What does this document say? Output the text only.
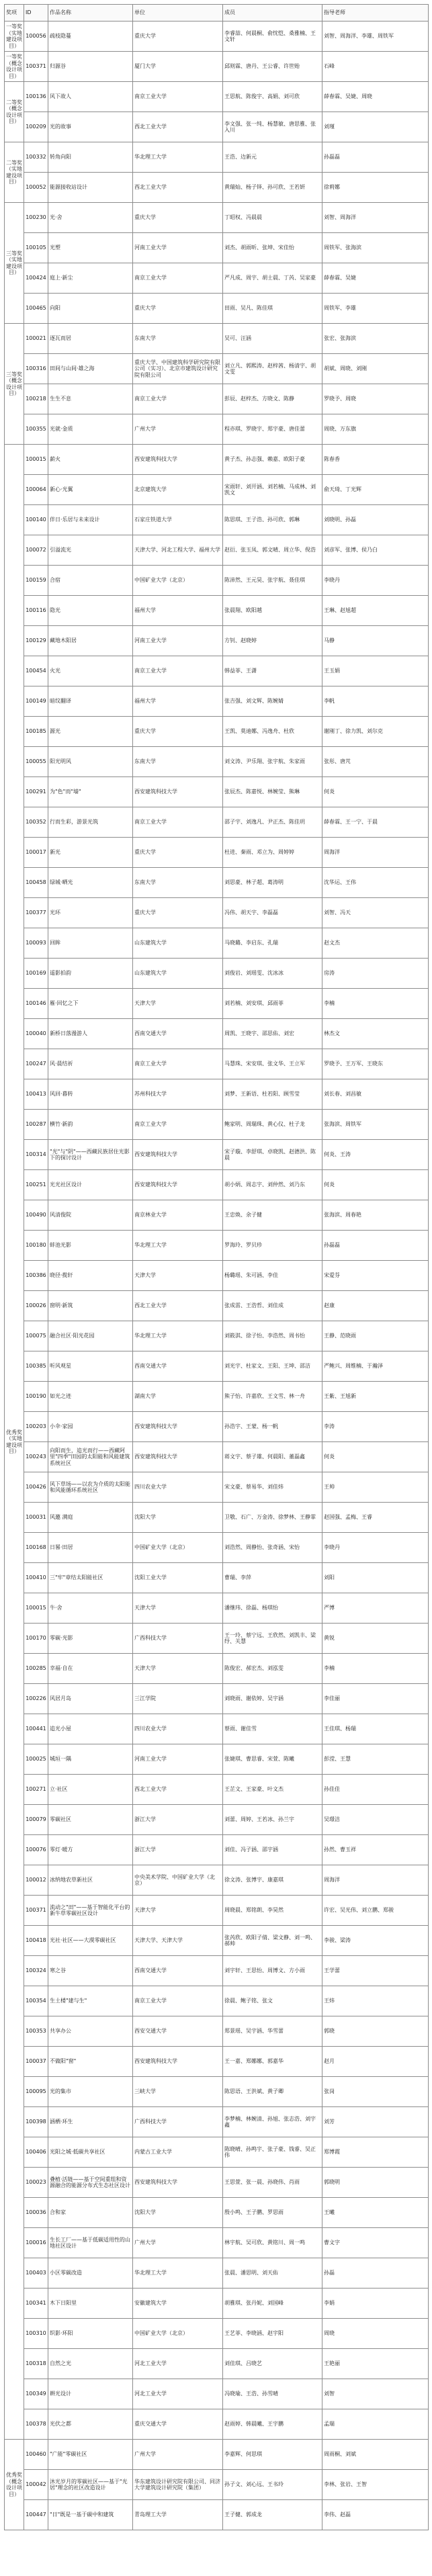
奖项	ID	作品名称	单位	成员	指导老师
一等奖（实地建设项目）	100056	疏枝隐蔓	重庆大学	李睿喆、何晨桐、俞忱恺、桑雅楠、王文轩	刘智、周海洋、李雄、周铁军
一等奖（概念设计项目）	100371	归源谷	厦门大学	邱则霖、唐丹、王公睿、许世贻	石峰
二等奖（概念设计项目）	100136	风下故人	南京工业大学	王思航、陈俊宇、高娟、刘可欣	薛春霖、吴婕、周晓
	100209	光的故事	西北工业大学	李文强、张一纯、杨慧敏、唐思雅、张入川	刘瑾
二等奖（实地建设项目）	100332	转角向阳	华北理工大学	王浩、边新元	孙磊磊
	100052	能源接收站设计	西北工业大学	黄瑞灿、杨子铎、孙可欣、王若妍	徐莉娜
三等奖（实地建设项目）	100230	光·舍	重庆大学	丁昭权、冯晨晨	刘智、周海洋
	100105	光塑	河南工业大学	刘杰、胡雨昕、张坤、宋佳怡	周铁军、张海滨
	100424	庭上·新尘	南京工业大学	严凡成、周宇、胡士晨、丁芮、吴家豪	薛春霖、吴婕
	100465	向阳	重庆大学	田雨、吴凡、陈佳琪	周铁军、李雄
三等奖（概念设计项目）	100021	逐瓦而居	东南大学	吴可、汪涵	张宏、张海滨
	100316	田间与山间·雄之海	重庆大学、中国建筑科学研究院有限公司（实习）、北京市建筑设计研究院有限公司	刘立凡、郭熙涛、赵梓茜、杨清宇、胡文雯	胡斌、周晓、刘刚
	100218	生生不息	南京工业大学	彭辰、赵梓杰、方晓文、陈静	罗晓予、周晓
	100355	光就·金质	广州大学	程亦琪、罗晓宇、郑宇豪、唐佳蕾	周晓、万东旗
优秀奖（实地建设项目）	100015	薪火	西安建筑科技大学	黄子杰、孙志强、赖嘉、欧阳子豪	陈春香
	100064	新心·光翼	北京建筑大学	宋雨轩、刘开涵、刘若楠、马成林、刘凯文	俞天琦、丁光辉
	100140	伴日·乐居与未来设计	石家庄铁道大学	陈思琪、王子浩、孙可欣、郭琳	刘晓明、孙磊
	100072	引溢流光	天津大学、河北工程大学、福州大学	赵衍、张玉凤、郭文晴、周立华、倪浩	刘彦军、张博、侯乃白
	100159	合宿	中国矿业大学（北京）	陈沛然、王元昊、张宇航、聂佳琪	李晓丹
	100116	隐光	福州大学	张晨翔、欧阳越	王琳、赵旭超
	100129	藏地木阳居	河南工业大学	方钊、赵晓婷	马静
	100454	火光	南京工业大学	韩益菲、王潇	王玉娟
	100149	暗纹翻译	福州大学	张吉强、刘文辉、陈婉婧	李帆
	100185	源光	重庆大学	王凯、莫迪娜、冯逸舟、杜欣	谢刚丁、徐力凯、刘尔克
	100055	阳光明风	东南大学	刘文涛、尹乐翔、张宇航、朱家雨	张彤、唐芃
	100291	为"色"而"墙"	西安建筑科技大学	张辰杰、陈嘉悦、林婉莹、熊琳	何炎
	100352	行而生彩，游景光筑	南京工业大学	邵子宇、刘逸凡、尹正杰、陈佳玥	薛春霖、王一宁、于晨
	100017	新光	重庆大学	杜进、秦雨、邓立为、周婷婷	周海洋
	100458	绿城·晒光	东南大学	刘思豪、林子超、葛涛明	沈华运、王伟
	100377	光环	重庆大学	冯伟、胡天宇、李磊磊	刘智、冯天
	100093	回眸	山东建筑大学	马晓璐、李启东、孔瑞	赵文杰
	100169	遥影拍韵	山东建筑大学	刘俊岩、刘瑶雯、沈冰冰	房涛
	100146	雁·回忆之下	天津大学	刘若楠、刘安琪、邱雨菲	李楠
	100040	新桥日落漫游人	西南交通大学	周凯、王晓宇、邵思佑、刘宏	林杰文
	100247	风·晨结祈	南京工业大学	马慧珠、宋安琪、张文华、王立军	罗晓予、王万军、王晓东
	100413	风回·暮转	苏州科技大学	刘梦、王新语、杜若阳、顾雪莹	刘长春、刘昌敏
	100287	横竹·新韵	南京工业大学	鲍家明、周瑞珠、黄心仪、杜子龙	张海滨、周铁军
	100314	"光"与"阴"——西藏民族居住光影下的探讨设计	西安建筑科技大学	宋子璇、李舒琪、卓晓凯、赵德洪、陈晨	何炎、王涛
	100251	光光社区设计	西安建筑科技大学	胡小炳、周志宇、刘仲然、刘乃东	何炎
	100490	风清俊院	南京林业大学	王忠焕、余子健	张海滨、周春艳
	100180	蚌池光影	华北理工大学	罗海玲、罗贝珍	孙磊磊
	100386	晓径·揽轩	天津大学	杨璐瑶、朱可涵、李佳	宋爱芬
	100026	窗明·新筑	西北工业大学	张成雷、王浩哲、刘佳成	赵康
	100075	融合社区·阳光花园	华北理工大学	刘筱淇、徐子怡、李浩然、周书怡	王静、范晓雨
	100385	听风观星	西南交通大学	刘光宇、杜家文、王阳、王坤、邵洁	严鲍兴、周维楠、于瀚泽
	100190	如光之迹	湖南大学	熊子怡、许嘉欣、王文雪、林一舟	王紫、王旭新
	100203	小伞·家园	西安建筑科技大学	孙浩宇、王蒙、杨一帆	李涛
	100243	向阳而生，追光而行——西藏阿里"四季"田园的太阳能和风能建筑系统社区	西安建筑科技大学	蒋文宇、蔡子雄、何晨阳、董磊鑫	何炎
	100426	风下草场——以农为介质的太阳能和风能循环系统社区	四川农业大学	宋文豪、蔡易华、刘佳炜	王帅
	100031	风邀 满庭	沈阳大学	卫敬、石广、万金涛、徐梦林、王静霏	赵国强、孟梅、王睿
	100168	日晷·田居	中国矿业大学（北京）	刘浩然、周静怡、张奇涵、宋怡	李晓丹
	100410	三"牢"章结太阳能社区	沈阳工业大学	曹瑞、李萍	刘阳
	100015	牛·舍	天津大学	潘继玮、徐磊、杨琪怡	严博
	100170	零碳·光影	广西科技大学	王一玲、蔡宁远、王欣然、刘凯丰、梁纾、关慧	黄锐
	100285	幸福·自在	天津大学	陈俊宏、郝宏杰、刘泓雯	李楠
	100226	风居月岛	三江学院	刘晓雨、谢依婷、吴宇涵	李佳丽
	100441	追光小屋	四川农业大学	蔡雨、谢佳雪	王佳琪、杨瑞
	100025	城垣一隅	河南工业大学	张婕琪、曹思睿、宋萱、陈曦	彭滢、王慧
	100271	立·社区	西北工业大学	王芷文、王家豪、叶文杰	孙佳佳
	100079	零碳社区	浙江大学	刘蕾、周婷、王若冰、孙兰宇	吴璟洁
	100076	零灯·暖方	浙江大学	刘佳、冯子涵、邵宇涵	孙然、曹玉祥
	100012	冰纳地农草新社区	中央美术学院、中国矿业大学（北京）	徐文涛、张博宇、康嘉琪	周海洋
	100371	流动之"田"——基于智能化平台的新牛草零碳社区设计	天津大学	周晓晨、郑铭朗、李昊然	许宏、吴光伟、刘立鹏、郑骏
	100418	光社·社区——大漠零碳社区	天津大学、天津大学	张芮欣、欧阳子倩、梁文静、刘一鸣、郝帅	李骏、梁涛
	100324	寒之谷	西南交通大学	刘宇轩、王思怡、周博文、方小雨	王学蕾
	100354	生土楼"建与生"	南京工业大学	徐晨、鲍子铭、张文	王炜
	100353	共享办公	西安交通大学	郑景瑶、吴宇涵、华雪蕾	郭晓
	100037	不做阳"窗"	西安建筑科技大学	王一嘉、郑娜娜、郭嘉华	赵月
	100095	光的集市	三峡大学	陈思语、王洪斌、黄子卿	张岗
	100398	涵栖·环生	广西科技大学	李梦楠、林婉清、孙旭、张志浩、刘宇鑫	刘芳
	100406	光阳之城·低碳共享社区	内蒙古工业大学	陈晓晴、孙鸣宇、张子豪、钱睿、吴正伟	郑博霞
	100023	叠植·活链——基于空间重组和资源融合的能源分布式生态社区设计	西安建筑科技大学	王思萱、张一晨、孙晓伟、肖雨	郭晓明
	100036	合和家	沈阳大学	殷小鸣、王子鹏、罗思雨	王曦
	100016	生长工厂——基于低碳适用性的山地社区设计	广州大学	林宇航、吴可欣、黄铭川、周一鸣	曹文字
	100403	小区零碳改造	华北理工大学	张晨、潘思明、刘天佑	孙磊
	100341	木下日阳里	安徽建筑大学	胡雅琪、张丹妮、刘国峰	李娟
	100310	织影·环阳	中国矿业大学（北京）	王艺菲、李晓涵、赵宇阳	周晓
	100318	自然之光	河北工业大学	刘佳琪、吕晓艺	王艳丽
	100349	耕光设计	河北工业大学	冯晓瑜、王浩、孙雪晴	刘智
	100378	光伏之都	重庆交通大学	赵雨婷、韩晨曦、王宇鹏	孟瑞
优秀奖（概念设计项目）	100460	"广能"零碳社区	广州大学	李嘉辉、何思琪	周雨桐、刘斌
	100042	沐光岁月的零碳社区——基于"光居"理念的社区改造设计	华东建筑设计研究院有限公司、同济大学建筑设计研究院（集团）	孙子文、刘心远、王书玲	李林、张岩、王智
	100447	"日"既是一基于碳中和建筑	青岛理工大学	王子健、郭成龙	李伟、赵磊
